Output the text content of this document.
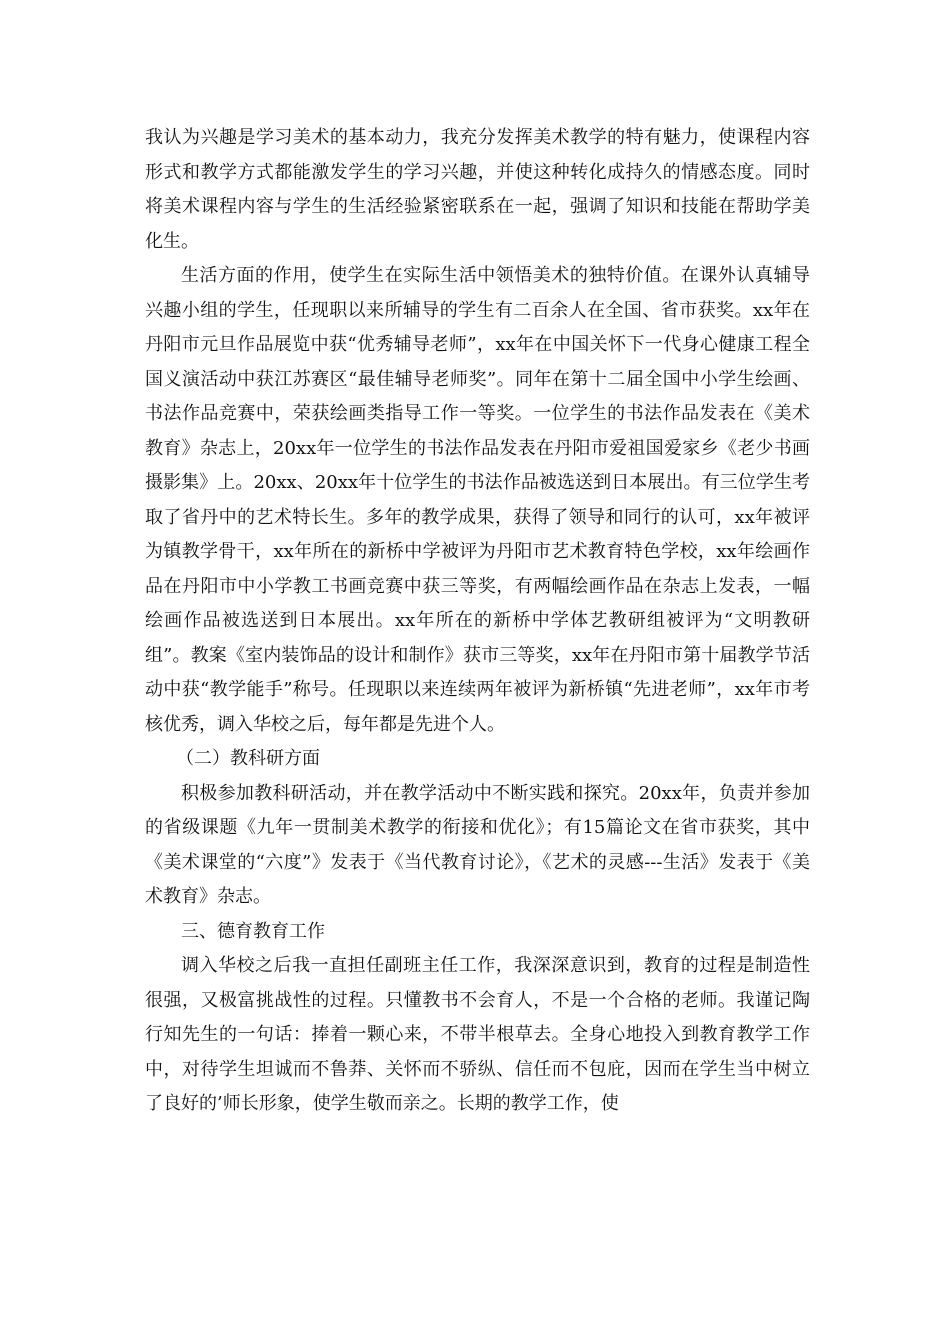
我认为兴趣是学习美术的基本动力，我充分发挥美术教学的特有魅力，使课程内容形式和教学方式都能激发学生的学习兴趣，并使这种转化成持久的情感态度。同时将美术课程内容与学生的生活经验紧密联系在一起，强调了知识和技能在帮助学美化生。

生活方面的作用，使学生在实际生活中领悟美术的独特价值。在课外认真辅导兴趣小组的学生，任现职以来所辅导的学生有二百余人在全国、省市获奖。xx年在丹阳市元旦作品展览中获“优秀辅导老师”，xx年在中国关怀下一代身心健康工程全国义演活动中获江苏赛区“最佳辅导老师奖”。同年在第十二届全国中小学生绘画、书法作品竞赛中，荣获绘画类指导工作一等奖。一位学生的书法作品发表在《美术教育》杂志上，20xx年一位学生的书法作品发表在丹阳市爱祖国爱家乡《老少书画摄影集》上。20xx、20xx年十位学生的书法作品被选送到日本展出。有三位学生考取了省丹中的艺术特长生。多年的教学成果，获得了领导和同行的认可，xx年被评为镇教学骨干，xx年所在的新桥中学被评为丹阳市艺术教育特色学校，xx年绘画作品在丹阳市中小学教工书画竞赛中获三等奖，有两幅绘画作品在杂志上发表，一幅绘画作品被选送到日本展出。xx年所在的新桥中学体艺教研组被评为“文明教研组”。教案《室内装饰品的设计和制作》获市三等奖，xx年在丹阳市第十届教学节活动中获“教学能手”称号。任现职以来连续两年被评为新桥镇“先进老师”，xx年市考核优秀，调入华校之后，每年都是先进个人。

（二）教科研方面

积极参加教科研活动，并在教学活动中不断实践和探究。20xx年，负责并参加的省级课题《九年一贯制美术教学的衔接和优化》；有15篇论文在省市获奖，其中《美术课堂的“六度”》发表于《当代教育讨论》，《艺术的灵感---生活》发表于《美术教育》杂志。

三、德育教育工作

调入华校之后我一直担任副班主任工作，我深深意识到，教育的过程是制造性很强，又极富挑战性的过程。只懂教书不会育人，不是一个合格的老师。我谨记陶行知先生的一句话：捧着一颗心来，不带半根草去。全身心地投入到教育教学工作中，对待学生坦诚而不鲁莽、关怀而不骄纵、信任而不包庇，因而在学生当中树立了良好的’师长形象，使学生敬而亲之。长期的教学工作，使
